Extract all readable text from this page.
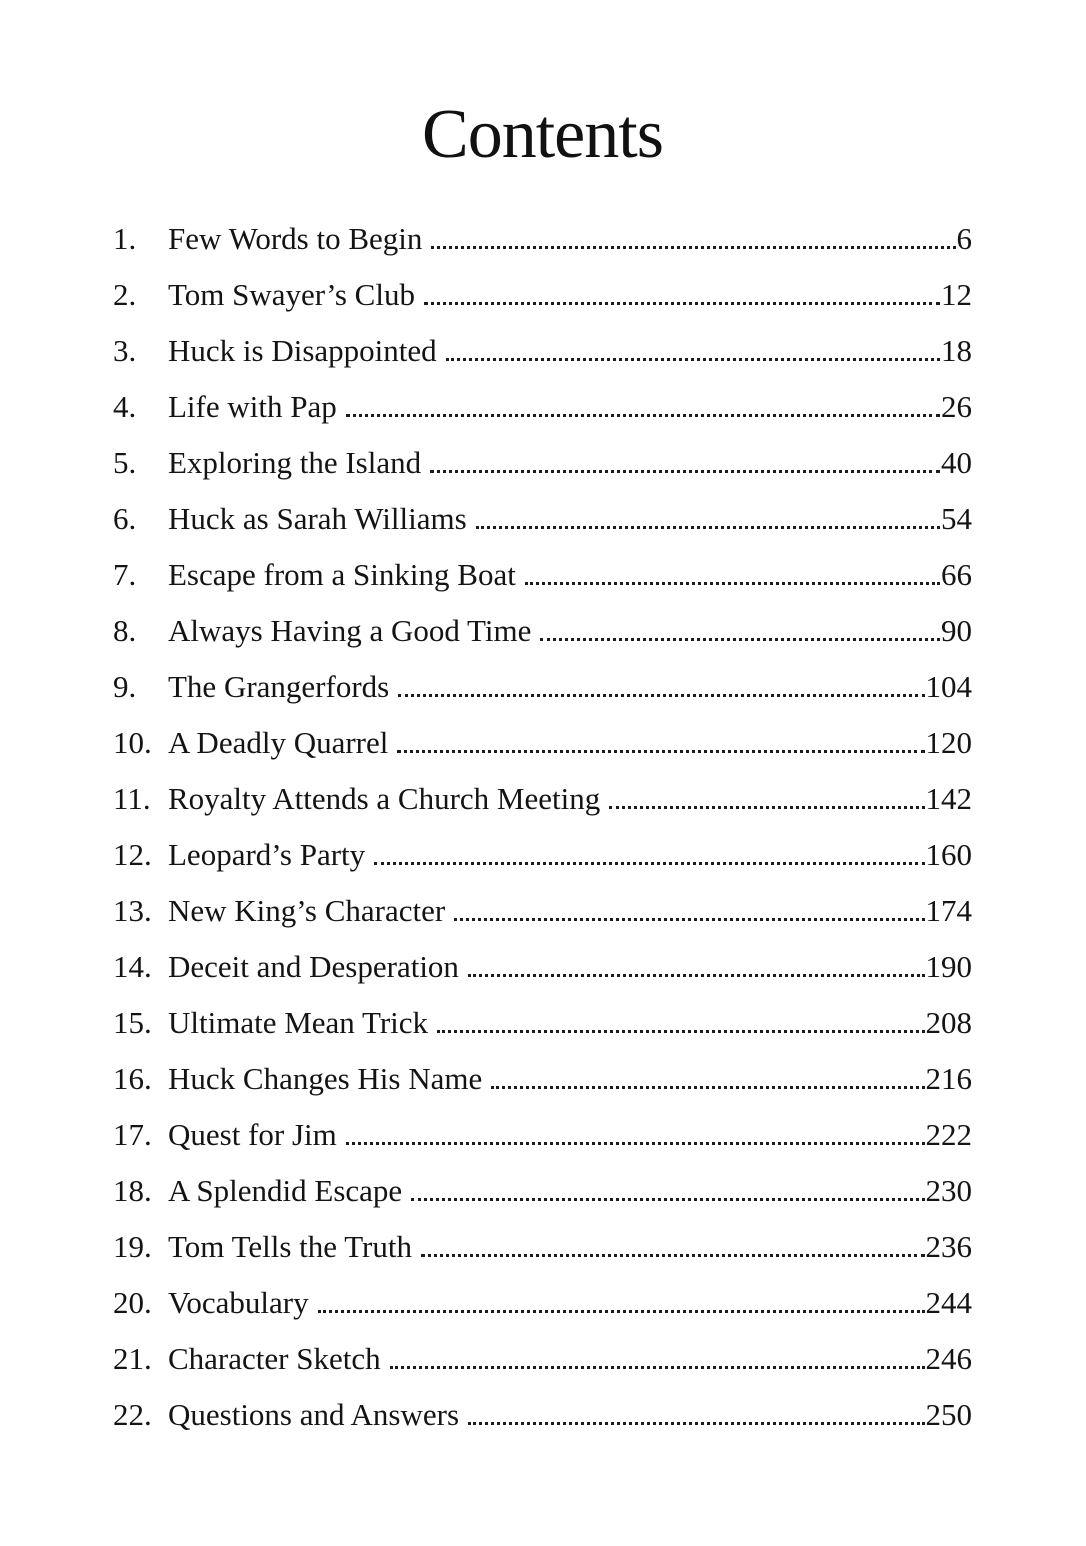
Contents
1.	Few Words to Begin	6
2.	Tom Swayer’s Club	12
3.	Huck is Disappointed	18
4.	Life with Pap	26
5.	Exploring the Island	40
6.	Huck as Sarah Williams	54
7.	Escape from a Sinking Boat	66
8.	Always Having a Good Time	90
9.	The Grangerfords	104
10. A Deadly Quarrel	120
11. Royalty Attends a Church Meeting	142
12. Leopard’s Party	160
13. New King’s Character	174
14. Deceit and Desperation	190
15. Ultimate Mean Trick	208
16. Huck Changes His Name	216
17. Quest for Jim	222
18. A Splendid Escape	230
19. Tom Tells the Truth	236
20. Vocabulary	244
21. Character Sketch	246
22. Questions and Answers	250
